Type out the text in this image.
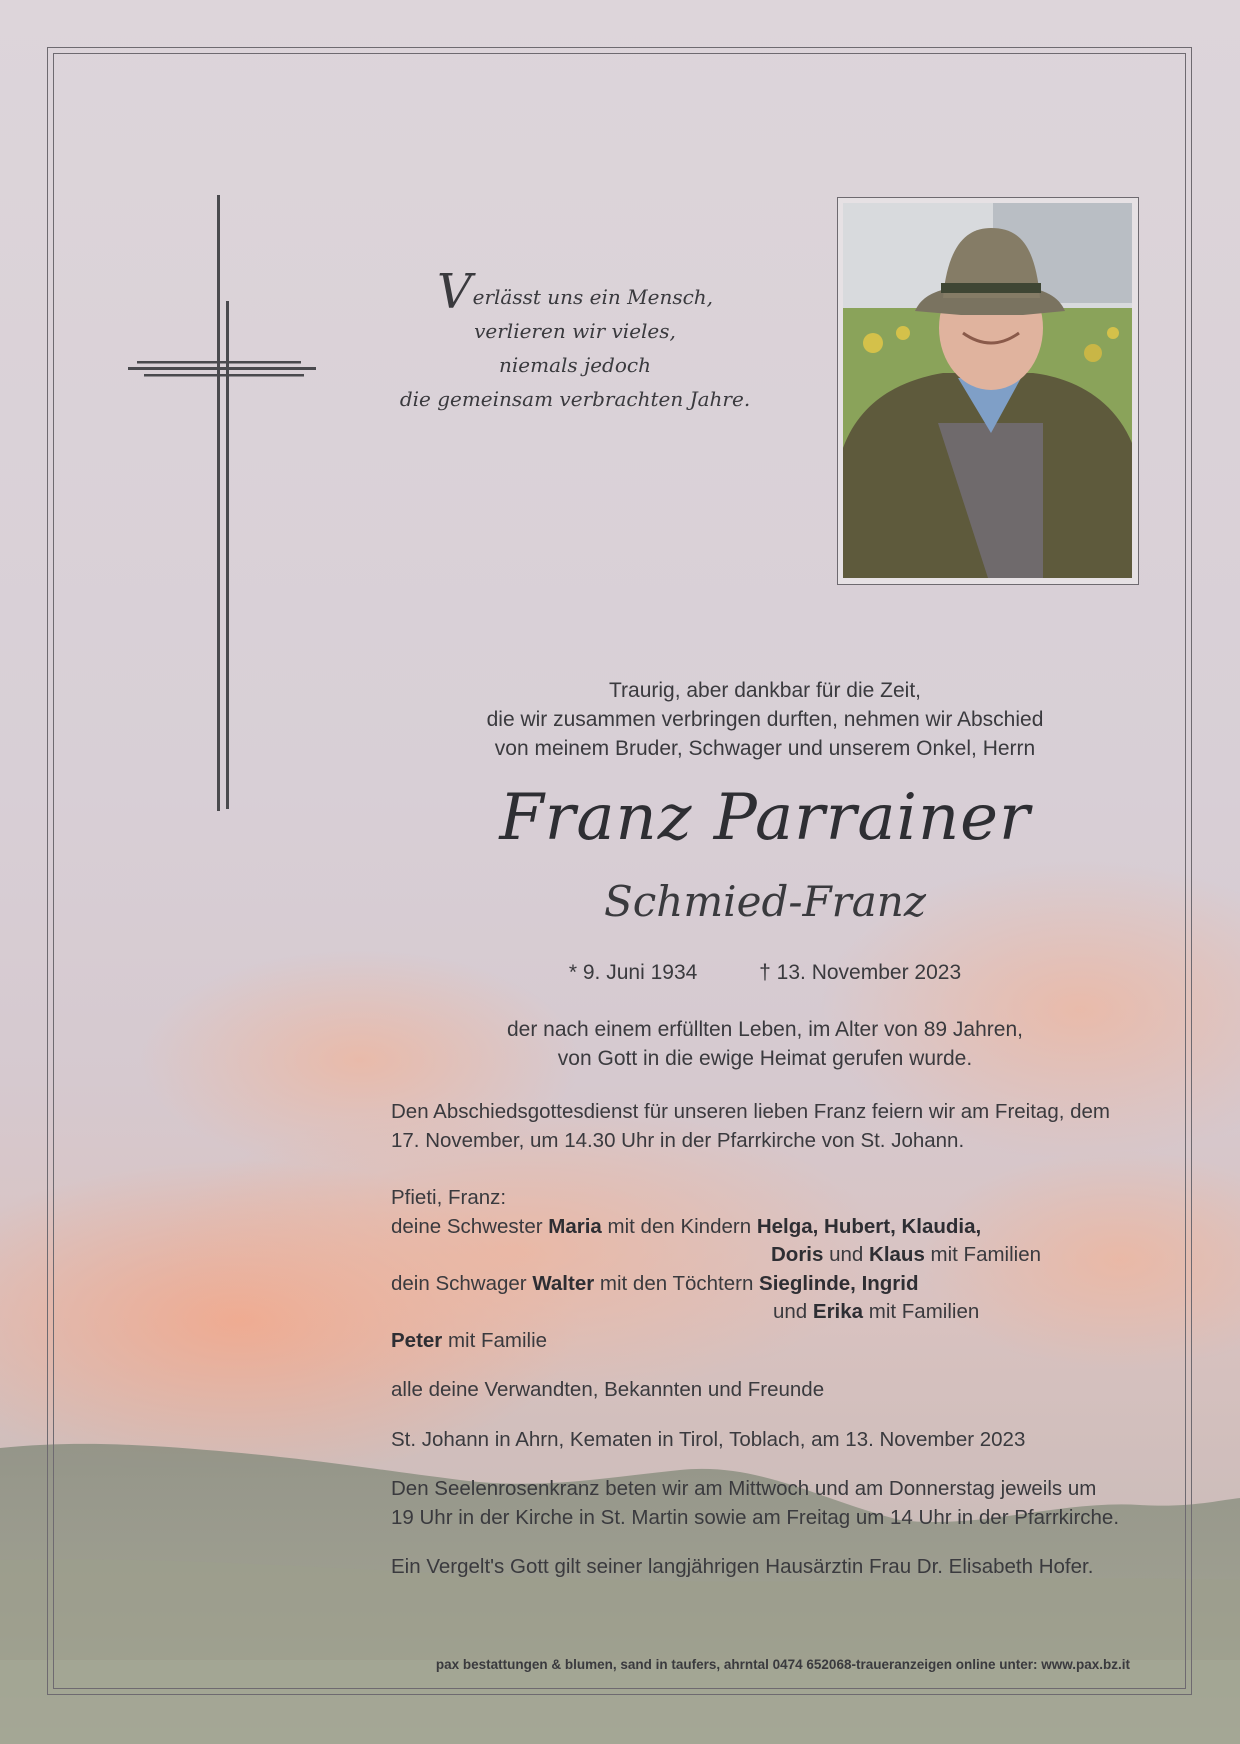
Verlässt uns ein Mensch,
verlieren wir vieles,
niemals jedoch
die gemeinsam verbrachten Jahre.
Traurig, aber dankbar für die Zeit,
die wir zusammen verbringen durften, nehmen wir Abschied
von meinem Bruder, Schwager und unserem Onkel, Herrn
Franz Parrainer
Schmied-Franz
* 9. Juni 1934	† 13. November 2023
der nach einem erfüllten Leben, im Alter von 89 Jahren,
von Gott in die ewige Heimat gerufen wurde.

Den Abschiedsgottesdienst für unseren lieben Franz feiern wir am Freitag, dem

17. November, um 14.30 Uhr in der Pfarrkirche von St. Johann.

Pfieti, Franz:

deine Schwester Maria mit den Kindern Helga, Hubert, Klaudia,

Doris und Klaus mit Familien

dein Schwager Walter mit den Töchtern Sieglinde, Ingrid

und Erika mit Familien

Peter mit Familie

alle deine Verwandten, Bekannten und Freunde

St. Johann in Ahrn, Kematen in Tirol, Toblach, am 13. November 2023

Den Seelenrosenkranz beten wir am Mittwoch und am Donnerstag jeweils um

19 Uhr in der Kirche in St. Martin sowie am Freitag um 14 Uhr in der Pfarrkirche.

Ein Vergelt's Gott gilt seiner langjährigen Hausärztin Frau Dr. Elisabeth Hofer.

pax bestattungen & blumen, sand in taufers, ahrntal 0474 652068-traueranzeigen online unter: www.pax.bz.it
